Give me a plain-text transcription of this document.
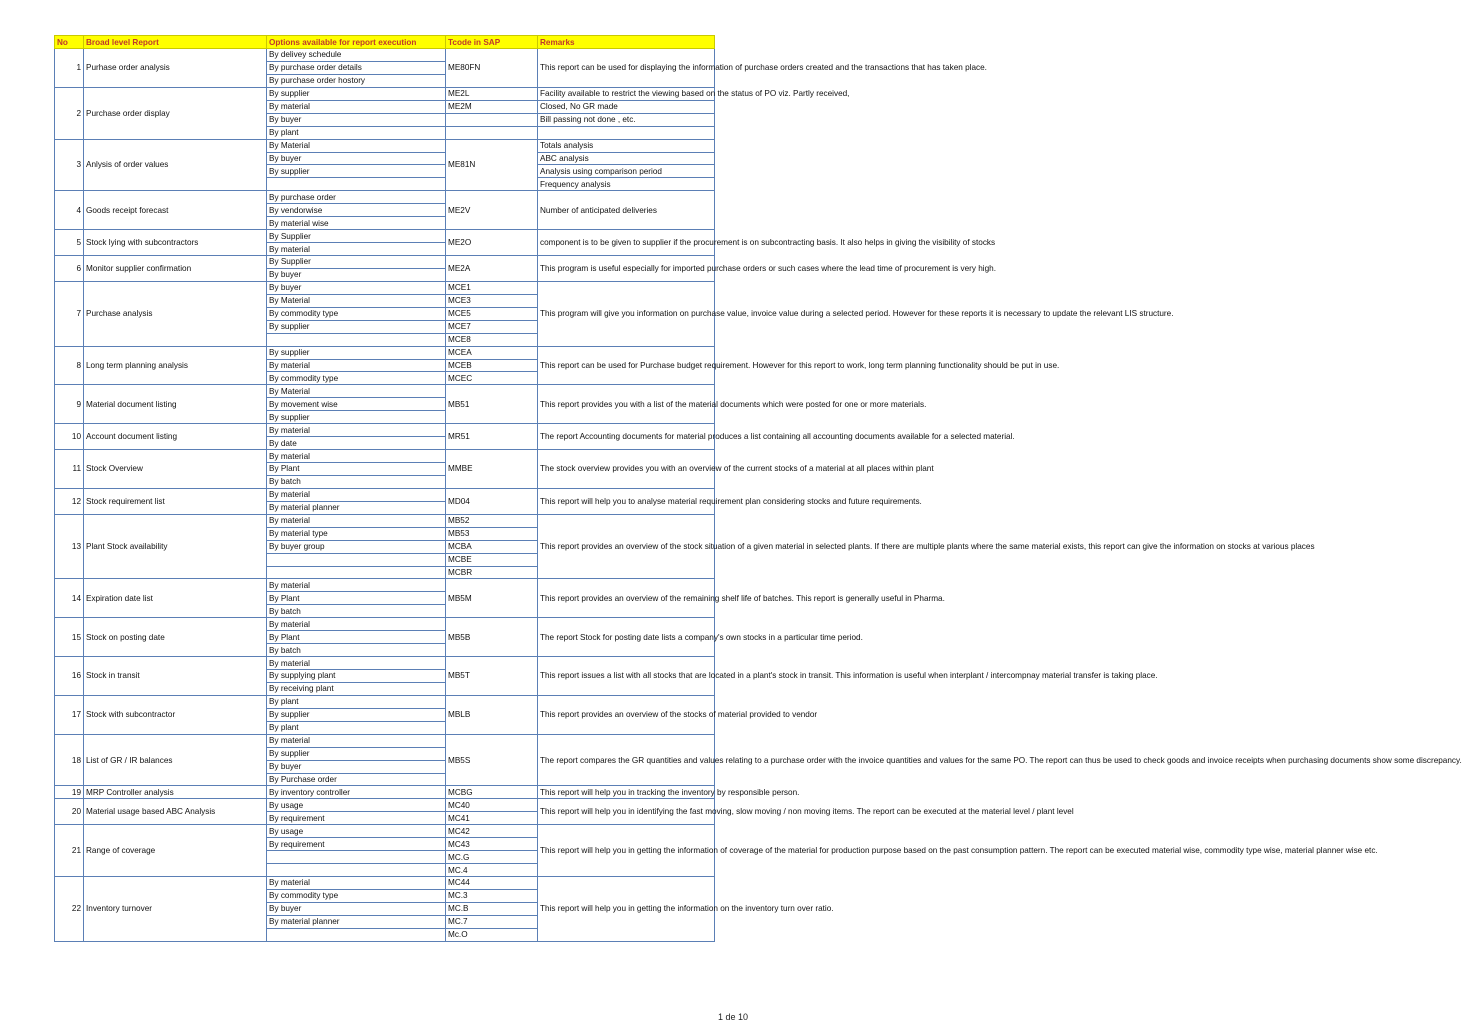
No	Broad level Report	Options available for report execution	Tcode in SAP	Remarks
1	Purhase order analysis	By delivey schedule	ME80FN	This report can be used for displaying the information of purchase orders created and the transactions that has taken place.
		By purchase order details		
		By purchase order hostory		
2	Purchase order display	By supplier	ME2L	Facility available to restrict the viewing based on the status of PO viz. Partly received,
		By material	ME2M	Closed, No GR made
		By buyer		Bill passing not done , etc.
		By plant		
3	Anlysis of order values	By Material	ME81N	Totals analysis
		By buyer		ABC analysis
		By supplier		Analysis using comparison period
				Frequency analysis
4	Goods receipt forecast	By purchase order	ME2V	Number of anticipated deliveries
		By vendorwise		
		By material wise		
5	Stock lying with subcontractors	By Supplier	ME2O	component is to be given to supplier if the procurement is on subcontracting basis. It also helps in giving the visibility of stocks
		By material		
6	Monitor supplier confirmation	By Supplier	ME2A	This program is useful especially for imported purchase orders or such cases where the lead time of procurement is very high.
		By buyer		
7	Purchase analysis	By buyer	MCE1	This program will give you information on purchase value, invoice value during a selected period. However for these reports it is necessary to update the relevant LIS structure.
		By Material	MCE3	
		By commodity type	MCE5	
		By supplier	MCE7	
			MCE8	
8	Long term planning analysis	By supplier	MCEA	This report can be used for Purchase budget requirement. However for this report to work, long term planning functionality should be put in use.
		By material	MCEB	
		By commodity type	MCEC	
9	Material document listing	By Material	MB51	This report provides you with a list of the material documents which were posted for one or more materials.
		By movement wise		
		By supplier		
10	Account document listing	By material	MR51	The report Accounting documents for material produces a list containing all accounting documents available for a selected material.
		By date		
11	Stock Overview	By material	MMBE	The stock overview provides you with an overview of the current stocks of a material at all places within plant
		By Plant		
		By batch		
12	Stock requirement list	By material	MD04	This report will help you to analyse material requirement plan considering stocks and future requirements.
		By material planner		
13	Plant Stock availability	By material	MB52	This report provides an overview of the stock situation of a given material in selected plants. If there are multiple plants where the same material exists, this report can give the information on stocks at various places
		By material type	MB53	
		By buyer group	MCBA	
			MCBE	
			MCBR	
14	Expiration date list	By material	MB5M	This report provides an overview of the remaining shelf life of batches. This report is generally useful in Pharma.
		By Plant		
		By batch		
15	Stock on posting date	By material	MB5B	The report Stock for posting date lists a company's own stocks in a particular time period.
		By Plant		
		By batch		
16	Stock in transit	By material	MB5T	This report issues a list with all stocks that are located in a plant's stock in transit. This information is useful when interplant / intercompnay material transfer is taking place.
		By supplying plant		
		By receiving plant		
17	Stock with subcontractor	By plant	MBLB	This report provides an overview of the stocks of material provided to vendor
		By supplier		
		By plant		
18	List of GR / IR balances	By material	MB5S	The report compares the GR quantities and values relating to a purchase order with the invoice quantities and values for the same PO. The report can thus be used to check goods and invoice receipts when purchasing documents show some discrepancy.
		By supplier		
		By buyer		
		By Purchase order		
19	MRP Controller analysis	By inventory controller	MCBG	This report will help you in tracking the inventory by responsible person.
20	Material usage based ABC Analysis	By usage	MC40	This report will help you in identifying the fast moving, slow moving / non moving items. The report can be executed at the material level / plant level
		By requirement	MC41	
21	Range of coverage	By usage	MC42	This report will help you in getting the information of coverage of the material for production purpose based on the past consumption pattern. The report can be executed material wise, commodity type wise, material planner wise etc.
		By requirement	MC43	
			MC.G	
			MC.4	
22	Inventory turnover	By material	MC44	This report will help you in getting the information on the inventory turn over ratio.
		By commodity type	MC.3	
		By buyer	MC.B	
		By material planner	MC.7	
			Mc.O	
1 de 10
